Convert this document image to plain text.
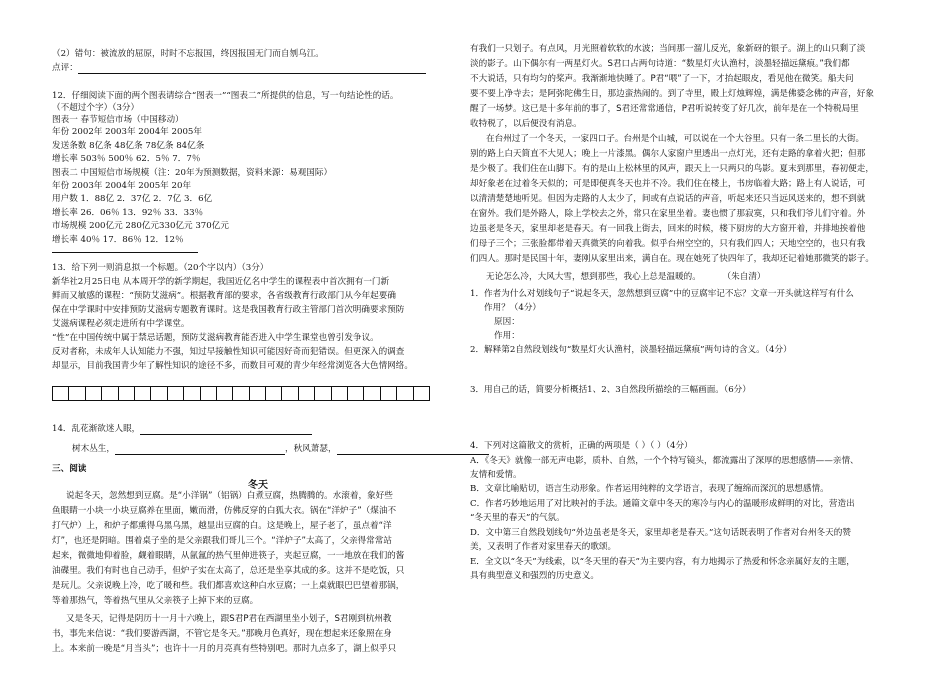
（2）错句：被流放的屈原，时时不忘报国，终因报国无门而自刎乌江。
点评：
12．仔细阅读下面的两个图表请综合“图表一”“图表二”所提供的信息，写一句结论性的话。
（不超过个字）（3分）
图表一 春节短信市场（中国移动）
年份 2002年 2003年 2004年 2005年
发送条数 8亿条 48亿条 78亿条 84亿条
增长率 503％ 500％ 62．5％ 7．7％
图表二 中国短信市场规模（注：20年为预测数据，资料来源：易观国际）
年份 2003年 2004年 2005年 20年
用户数 1．88亿 2．37亿 2．7亿 3．6亿
增长率 26．06％ 13．92％ 33．33％
市场规模 200亿元 280亿元330亿元 370亿元
增长率 40％ 17．86％ 12．12％
13．给下列一则消息拟一个标题。（20个字以内）（3分）
新华社2月25日电 从本周开学的新学期起，我国近亿名中学生的课程表中首次拥有一门新
鲜而又敏感的课程：“预防艾滋病”。根据教育部的要求，各省级教育行政部门从今年起要确
保在中学课时中安排预防艾滋病专题教育课时。这是我国教育行政主管部门首次明确要求预防
艾滋病课程必须走进所有中学课堂。
“性”在中国传统中属于禁忌话题，预防艾滋病教育能否进入中学生课堂也曾引发争议。
反对者称，未成年人认知能力不强，知过早接触性知识可能因好奇而犯错误。但更深入的调查
却显示，目前我国青少年了解性知识的途径不多，而数目可观的青少年经常浏览各大色情网络。
14．乱花渐欲迷人眼，
树木丛生，	，秋风萧瑟，
三、阅读
冬天
说起冬天，忽然想到豆腐。是“小洋锅”（铝锅）白煮豆腐，热腾腾的。水滚着，象好些
鱼眼睛一小块一小块豆腐养在里面，嫩而滑，仿佛反穿的白狐大衣。锅在“洋炉子”（煤油不
打气炉）上，和炉子都熏得乌黑乌黑，越显出豆腐的白。这是晚上，屋子老了，虽点着“洋
灯”，也还是阴暗。围着桌子坐的是父亲跟我们哥儿三个。“洋炉子”太高了，父亲得常常站
起来，微微地仰着脸，觑着眼睛，从氤氲的热气里伸进筷子，夹起豆腐，一一地放在我们的酱
油碟里。我们有时也自己动手，但炉子实在太高了，总还是坐享其成的多。这并不是吃饭，只
是玩儿。父亲说晚上冷，吃了暖和些。我们都喜欢这种白水豆腐；一上桌就眼巴巴望着那锅，
等着那热气，等着热气里从父亲筷子上掉下来的豆腐。
又是冬天，记得是阴历十一月十六晚上，跟S君P君在西湖里坐小划子，S君刚到杭州教
书，事先来信说：“我们要游西湖，不管它是冬天。”那晚月色真好，现在想起来还象照在身
上。本来前一晚是“月当头”；也许十一月的月亮真有些特别吧。那时九点多了，湖上似乎只
有我们一只划子。有点风，月光照着软软的水波；当间那一溜儿反光，象新砑的银子。湖上的山只剩了淡
淡的影子。山下偶尔有一两星灯火。S君口占两句诗道：“数星灯火认渔村，淡墨轻描远黛痕。”我们都
不大说话，只有均匀的桨声。我渐渐地快睡了。P君“喂”了一下，才抬起眼皮，看见他在微笑。船夫问
要不要上净寺去；是阿弥陀佛生日，那边蛮热闹的。到了寺里，殿上灯烛辉煌，满是佛婆念佛的声音，好象
醒了一场梦。这已是十多年前的事了，S君还常常通信，P君听说转变了好几次，前年是在一个特税局里
收特税了，以后便没有消息。
在台州过了一个冬天，一家四口子。台州是个山城，可以说在一个大谷里。只有一条二里长的大街。
别的路上白天简直不大见人；晚上一片漆黑。偶尔人家窗户里透出一点灯光，还有走路的拿着火把；但那
是少极了。我们住在山脚下。有的是山上松林里的风声，跟天上一只两只的鸟影。夏末到那里，春初便走，
却好象老在过着冬天似的；可是即便真冬天也并不冷。我们住在楼上，书房临着大路；路上有人说话，可
以清清楚楚地听见。但因为走路的人太少了，间或有点说话的声音，听起来还只当远风送来的，想不到就
在窗外。我们是外路人，除上学校去之外，常只在家里坐着。妻也惯了那寂寞，只和我们爷儿们守着。外
边虽老是冬天，家里却老是春天。有一回我上街去，回来的时候，楼下厨房的大方窗开着，并排地挨着他
们母子三个；三张脸都带着天真微笑的向着我。似乎台州空空的，只有我们四人；天地空空的，也只有我
们四人。那时是民国十年，妻刚从家里出来，满自在。现在她死了快四年了，我却还记着她那微笑的影子。
无论怎么冷，大风大雪，想到那些，我心上总是温暖的。	（朱自清）
1．作者为什么对划线句子“说起冬天，忽然想到豆腐”中的豆腐牢记不忘？文章一开头就这样写有什么
作用？（4分）
原因：
作用：
2．解释第2自然段划线句“数星灯火认渔村，淡墨轻描远黛痕”两句诗的含义。（4分）
3．用自己的话，简要分析概括1、2、3自然段所描绘的三幅画面。（6分）
4．下列对这篇散文的赏析，正确的两项是（ ）（ ）（4分）
A．《冬天》就像一部无声电影，质朴、自然，一个个特写镜头，都流露出了深厚的思想感情——亲情、
友情和爱情。
B．文章比喻贴切，语言生动形象。作者运用纯粹的文学语言，表现了缠绵而深沉的思想感情。
C．作者巧妙地运用了对比映衬的手法。通篇文章中冬天的寒冷与内心的温暖形成鲜明的对比，营造出
“冬天里的春天”的气氛。
D．文中第三自然段划线句“外边虽老是冬天，家里却老是春天。”这句话既表明了作者对台州冬天的赞
美，又表明了作者对家里春天的歌颂。
E．全文以“冬天”为线索，以“冬天里的春天”为主要内容，有力地揭示了热爱和怀念亲属好友的主题，
具有典型意义和强烈的历史意义。
